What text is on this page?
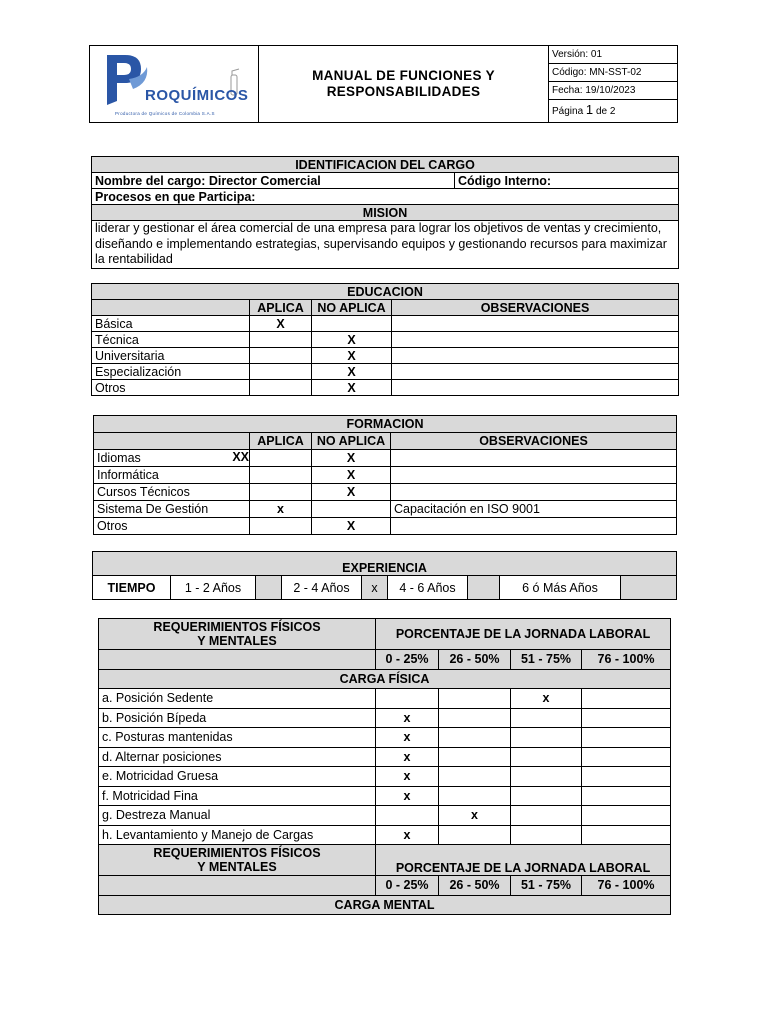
ROQUÍMICOS
Productora de Químicos de Colombia S.A.S
	MANUAL DE FUNCIONES Y
RESPONSABILIDADES	Versión: 01
Código: MN-SST-02
Fecha: 19/10/2023
Página 1 de 2
IDENTIFICACION DEL CARGO
Nombre del cargo: Director Comercial	Código Interno:
Procesos en que Participa:
MISION
liderar y gestionar el área comercial de una empresa para lograr los objetivos de ventas y crecimiento, diseñando e implementando estrategias, supervisando equipos y gestionando recursos para maximizar la rentabilidad
EDUCACION			
	APLICA	NO APLICA	OBSERVACIONES
Básica	X		
Técnica		X	
Universitaria		X	
Especialización		X	
Otros		X	
FORMACION			
	APLICA	NO APLICA	OBSERVACIONES
Idiomas XX		X	
Informática		X	
Cursos Técnicos		X	
Sistema De Gestión	x		Capacitación en ISO 9001
Otros		X	
EXPERIENCIA
TIEMPO	1 - 2 Años		2 - 4 Años	x	4 - 6 Años		6 ó Más Años	
REQUERIMIENTOS FÍSICOS
Y MENTALES	PORCENTAJE DE LA JORNADA LABORAL			
	0 - 25%	26 - 50%	51 - 75%	76 - 100%
CARGA FÍSICA				
a. Posición Sedente			x	
b. Posición Bípeda	x			
c. Posturas mantenidas	x			
d. Alternar posiciones	x			
e. Motricidad Gruesa	x			
f. Motricidad Fina	x			
g. Destreza Manual		x		
h. Levantamiento y Manejo de Cargas	x			
REQUERIMIENTOS FÍSICOS
Y MENTALES	PORCENTAJE DE LA JORNADA LABORAL			
	0 - 25%	26 - 50%	51 - 75%	76 - 100%
CARGA MENTAL				
